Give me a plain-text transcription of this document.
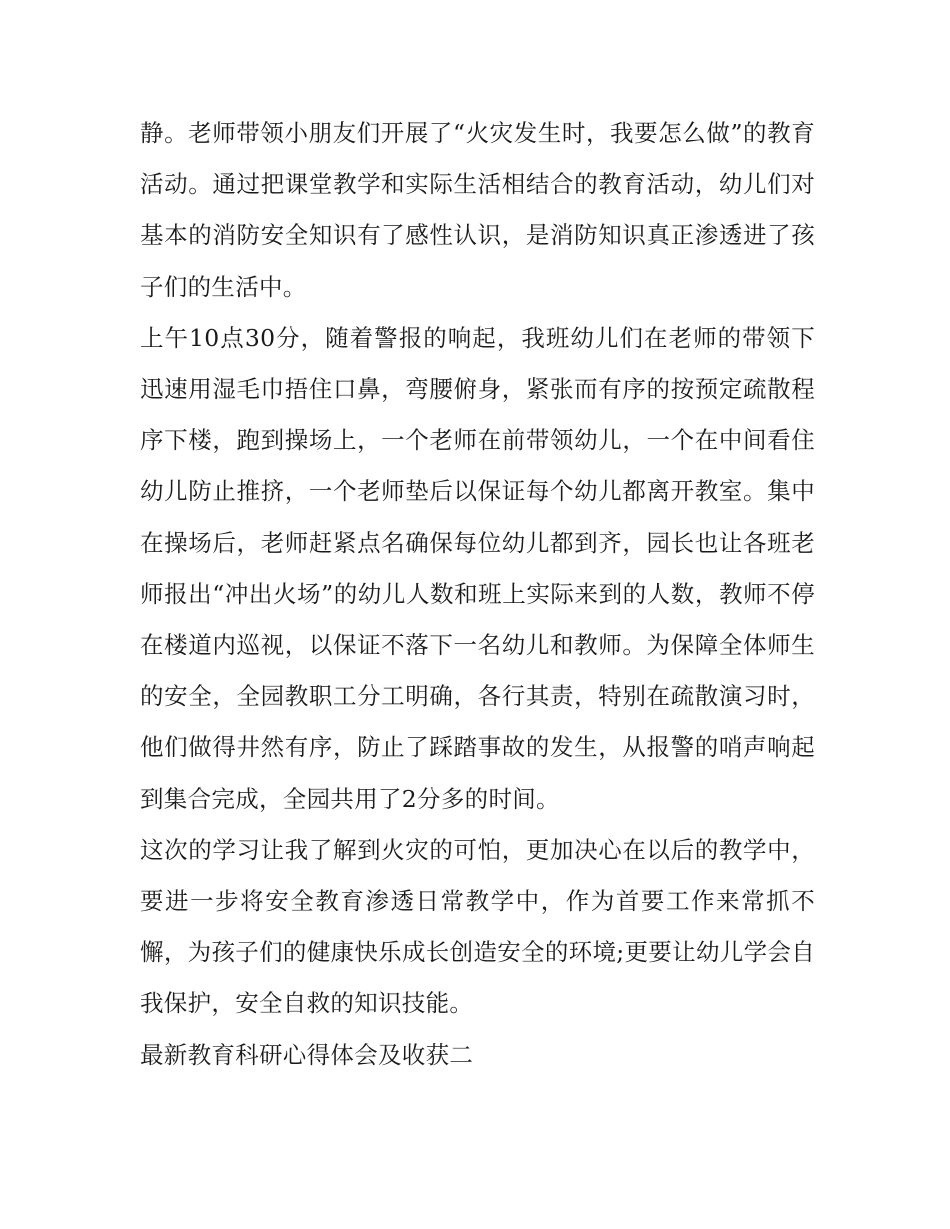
静。老师带领小朋友们开展了“火灾发生时，我要怎么做”的教育活动。通过把课堂教学和实际生活相结合的教育活动，幼儿们对基本的消防安全知识有了感性认识，是消防知识真正渗透进了孩子们的生活中。

上午10点30分，随着警报的响起，我班幼儿们在老师的带领下迅速用湿毛巾捂住口鼻，弯腰俯身，紧张而有序的按预定疏散程序下楼，跑到操场上，一个老师在前带领幼儿，一个在中间看住幼儿防止推挤，一个老师垫后以保证每个幼儿都离开教室。集中在操场后，老师赶紧点名确保每位幼儿都到齐，园长也让各班老师报出“冲出火场”的幼儿人数和班上实际来到的人数，教师不停在楼道内巡视，以保证不落下一名幼儿和教师。为保障全体师生的安全，全园教职工分工明确，各行其责，特别在疏散演习时，他们做得井然有序，防止了踩踏事故的发生，从报警的哨声响起到集合完成，全园共用了2分多的时间。

这次的学习让我了解到火灾的可怕，更加决心在以后的教学中，要进一步将安全教育渗透日常教学中，作为首要工作来常抓不懈，为孩子们的健康快乐成长创造安全的环境;更要让幼儿学会自我保护，安全自救的知识技能。

最新教育科研心得体会及收获二
